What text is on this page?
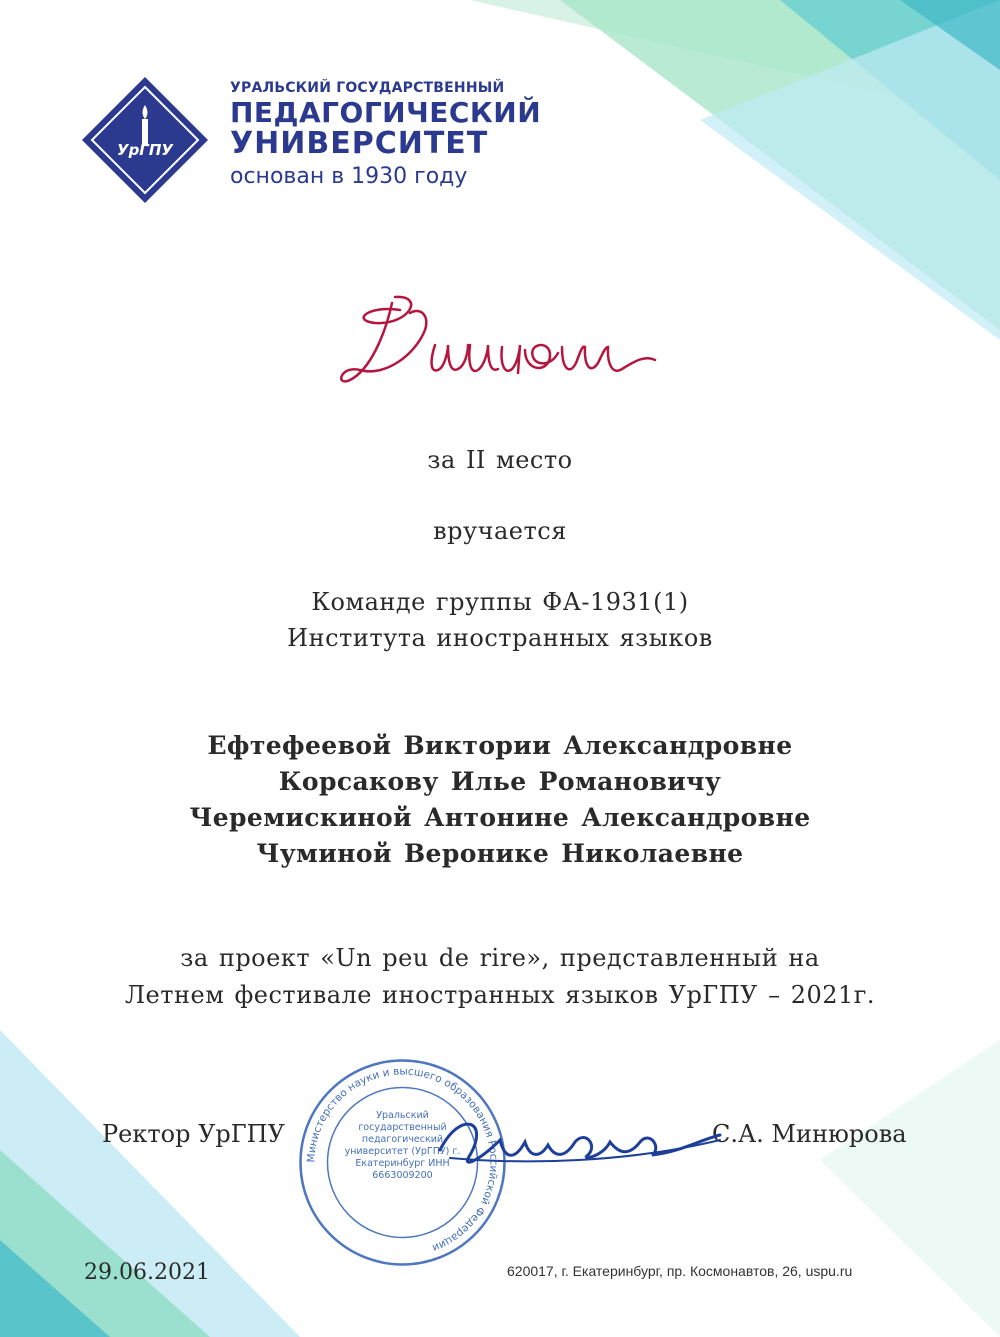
УрГПУ
УРАЛЬСКИЙ ГОСУДАРСТВЕННЫЙ
ПЕДАГОГИЧЕСКИЙ
УНИВЕРСИТЕТ
основан в 1930 году
за II место
вручается
Команде группы ФА-1931(1)
Института иностранных языков
Ефтефеевой Виктории Александровне
Корсакову Илье Романовичу
Черемискиной Антонине Александровне
Чуминой Веронике Николаевне
за проект «Un peu de rire», представленный на
Летнем фестивале иностранных языков УрГПУ – 2021г.
Ректор УрГПУ	С.А. Минюрова
Министерство науки и высшего образования Российской Федерации
Уральский государственный педагогический университет (УрГПУ) г. Екатеринбург ИНН 6663009200
29.06.2021	620017, г. Екатеринбург, пр. Космонавтов, 26, uspu.ru
